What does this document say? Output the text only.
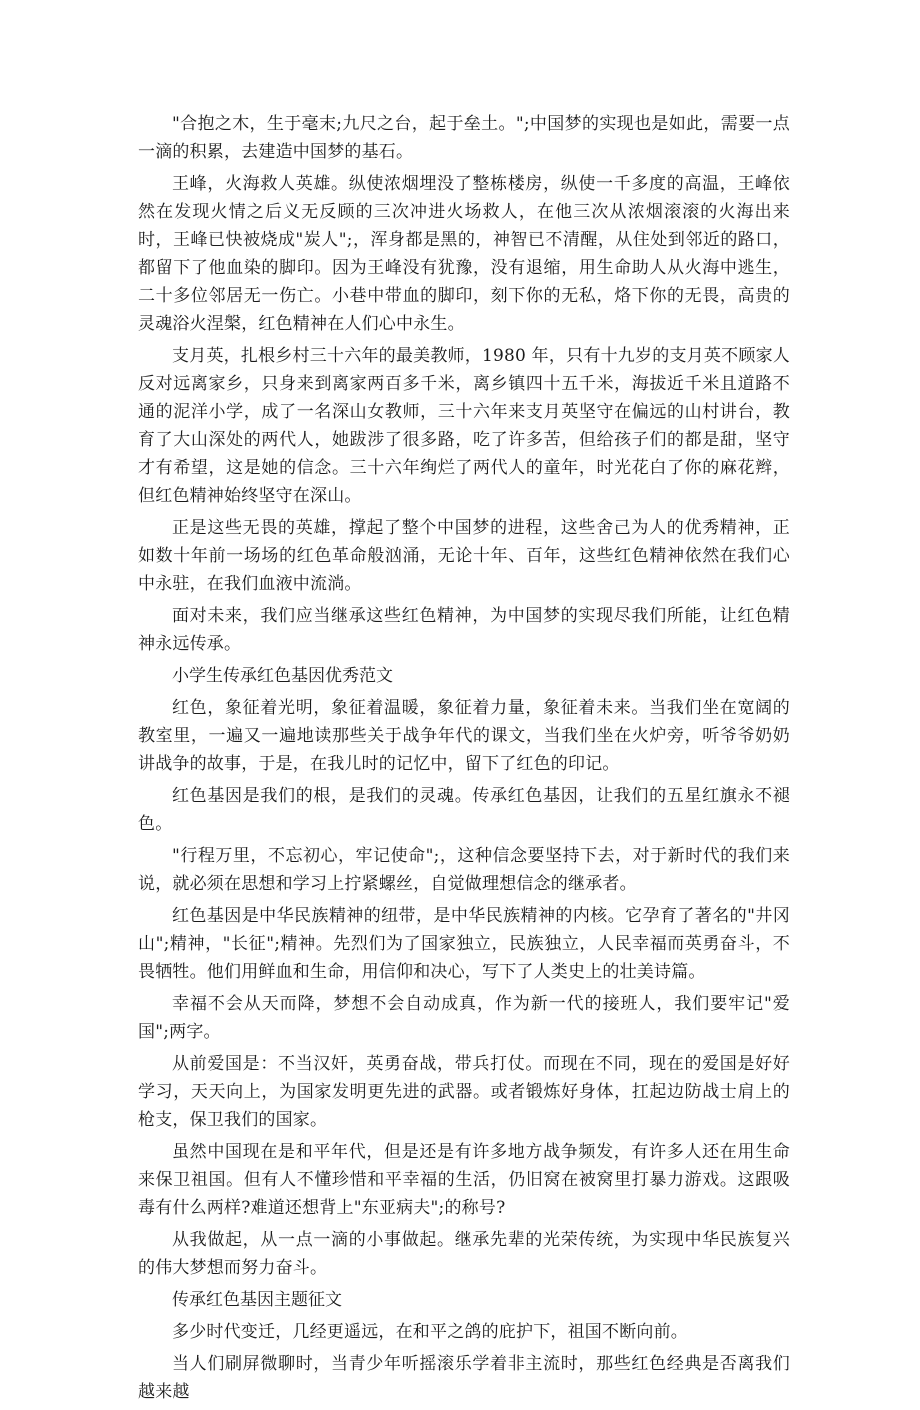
"合抱之木，生于毫末;九尺之台，起于垒土。";中国梦的实现也是如此，需要一点一滴的积累，去建造中国梦的基石。

王峰，火海救人英雄。纵使浓烟埋没了整栋楼房，纵使一千多度的高温，王峰依然在发现火情之后义无反顾的三次冲进火场救人，在他三次从浓烟滚滚的火海出来时，王峰已快被烧成"炭人";，浑身都是黑的，神智已不清醒，从住处到邻近的路口，都留下了他血染的脚印。因为王峰没有犹豫，没有退缩，用生命助人从火海中逃生，二十多位邻居无一伤亡。小巷中带血的脚印，刻下你的无私，烙下你的无畏，高贵的灵魂浴火涅槃，红色精神在人们心中永生。

支月英，扎根乡村三十六年的最美教师，1980 年，只有十九岁的支月英不顾家人反对远离家乡，只身来到离家两百多千米，离乡镇四十五千米，海拔近千米且道路不通的泥洋小学，成了一名深山女教师，三十六年来支月英坚守在偏远的山村讲台，教育了大山深处的两代人，她跋涉了很多路，吃了许多苦，但给孩子们的都是甜，坚守才有希望，这是她的信念。三十六年绚烂了两代人的童年，时光花白了你的麻花辫，但红色精神始终坚守在深山。

正是这些无畏的英雄，撑起了整个中国梦的进程，这些舍己为人的优秀精神，正如数十年前一场场的红色革命般汹涌，无论十年、百年，这些红色精神依然在我们心中永驻，在我们血液中流淌。

面对未来，我们应当继承这些红色精神，为中国梦的实现尽我们所能，让红色精神永远传承。

小学生传承红色基因优秀范文

红色，象征着光明，象征着温暖，象征着力量，象征着未来。当我们坐在宽阔的教室里，一遍又一遍地读那些关于战争年代的课文，当我们坐在火炉旁，听爷爷奶奶讲战争的故事，于是，在我儿时的记忆中，留下了红色的印记。

红色基因是我们的根，是我们的灵魂。传承红色基因，让我们的五星红旗永不褪色。

"行程万里，不忘初心，牢记使命";，这种信念要坚持下去，对于新时代的我们来说，就必须在思想和学习上拧紧螺丝，自觉做理想信念的继承者。

红色基因是中华民族精神的纽带，是中华民族精神的内核。它孕育了著名的"井冈山";精神，"长征";精神。先烈们为了国家独立，民族独立，人民幸福而英勇奋斗，不畏牺牲。他们用鲜血和生命，用信仰和决心，写下了人类史上的壮美诗篇。

幸福不会从天而降，梦想不会自动成真，作为新一代的接班人，我们要牢记"爱国";两字。

从前爱国是：不当汉奸，英勇奋战，带兵打仗。而现在不同，现在的爱国是好好学习，天天向上，为国家发明更先进的武器。或者锻炼好身体，扛起边防战士肩上的枪支，保卫我们的国家。

虽然中国现在是和平年代，但是还是有许多地方战争频发，有许多人还在用生命来保卫祖国。但有人不懂珍惜和平幸福的生活，仍旧窝在被窝里打暴力游戏。这跟吸毒有什么两样?难道还想背上"东亚病夫";的称号?

从我做起，从一点一滴的小事做起。继承先辈的光荣传统，为实现中华民族复兴的伟大梦想而努力奋斗。

传承红色基因主题征文

多少时代变迁，几经更遥远，在和平之鸽的庇护下，祖国不断向前。

当人们刷屏微聊时，当青少年听摇滚乐学着非主流时，那些红色经典是否离我们越来越
